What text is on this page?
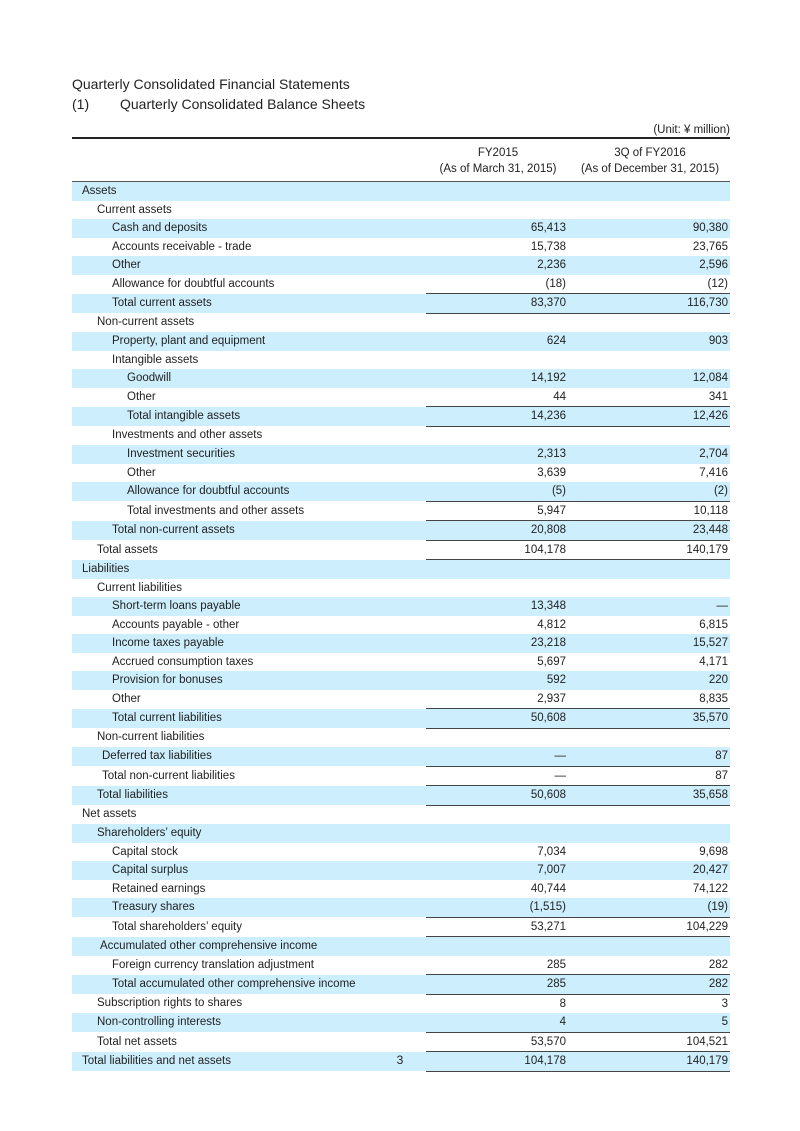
Quarterly Consolidated Financial Statements

(1)	Quarterly Consolidated Balance Sheets

(Unit: ¥ million)

FY2015
(As of March 31, 2015)

3Q of FY2016
(As of December 31, 2015)

Assets		
Current assets		
Cash and deposits	65,413	90,380
Accounts receivable - trade	15,738	23,765
Other	2,236	2,596
Allowance for doubtful accounts	(18)	(12)
Total current assets	83,370	116,730
Non-current assets		
Property, plant and equipment	624	903
Intangible assets		
Goodwill	14,192	12,084
Other	44	341
Total intangible assets	14,236	12,426
Investments and other assets		
Investment securities	2,313	2,704
Other	3,639	7,416
Allowance for doubtful accounts	(5)	(2)
Total investments and other assets	5,947	10,118
Total non-current assets	20,808	23,448
Total assets	104,178	140,179
Liabilities		
Current liabilities		
Short-term loans payable	13,348	—
Accounts payable - other	4,812	6,815
Income taxes payable	23,218	15,527
Accrued consumption taxes	5,697	4,171
Provision for bonuses	592	220
Other	2,937	8,835
Total current liabilities	50,608	35,570
Non-current liabilities		
Deferred tax liabilities	—	87
Total non-current liabilities	—	87
Total liabilities	50,608	35,658
Net assets		
Shareholders’ equity		
Capital stock	7,034	9,698
Capital surplus	7,007	20,427
Retained earnings	40,744	74,122
Treasury shares	(1,515)	(19)
Total shareholders’ equity	53,271	104,229
Accumulated other comprehensive income		
Foreign currency translation adjustment	285	282
Total accumulated other comprehensive income	285	282
Subscription rights to shares	8	3
Non-controlling interests	4	5
Total net assets	53,570	104,521
Total liabilities and net assets	104,178	140,179
3
